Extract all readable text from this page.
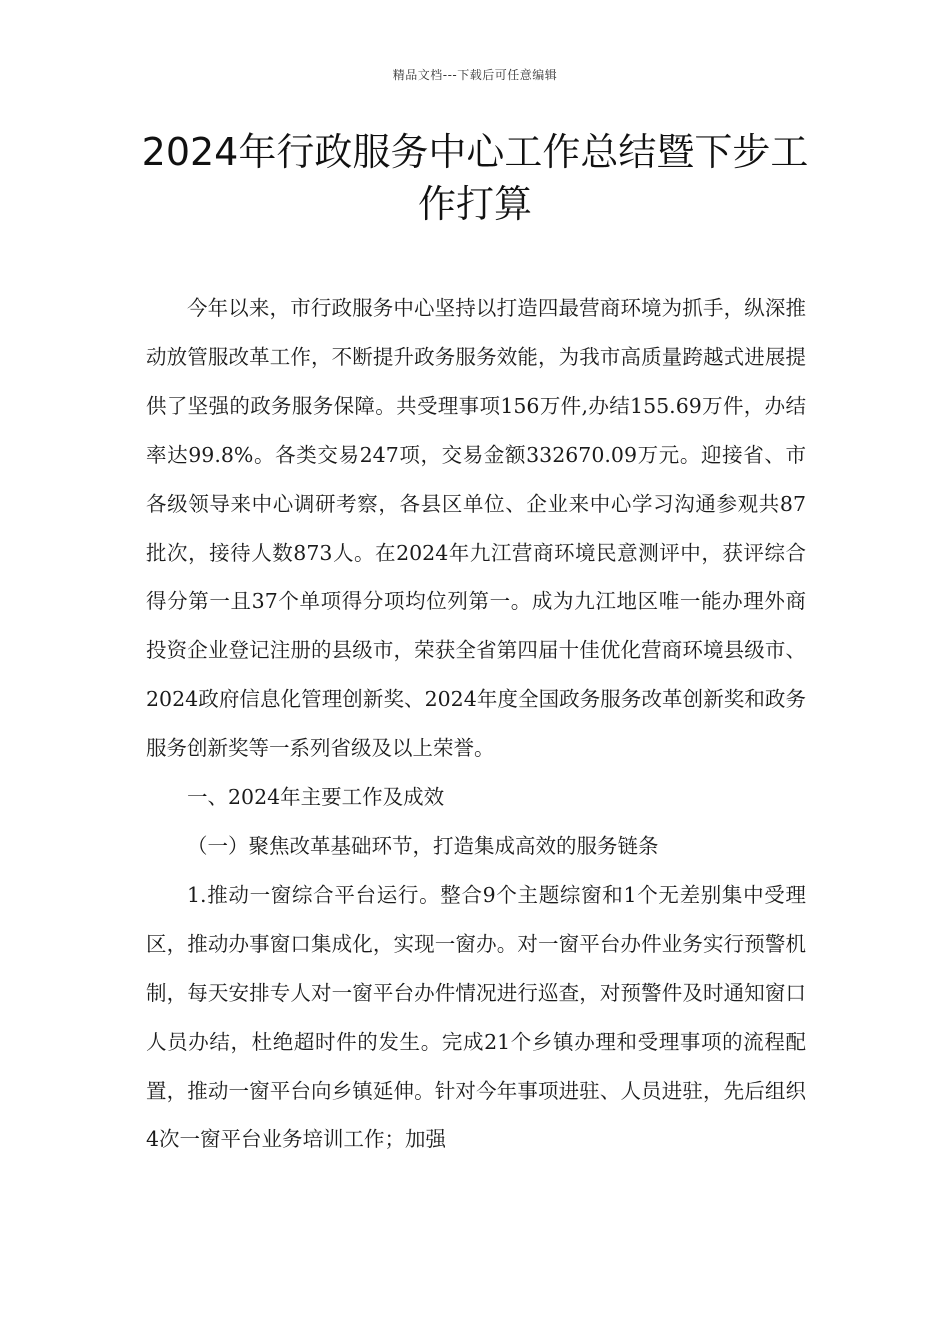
精品文档---下载后可任意编辑
2024年行政服务中心工作总结暨下步工作打算

今年以来，市行政服务中心坚持以打造四最营商环境为抓手，纵深推动放管服改革工作，不断提升政务服务效能，为我市高质量跨越式进展提供了坚强的政务服务保障。共受理事项156万件,办结155.69万件，办结率达99.8%。各类交易247项，交易金额332670.09万元。迎接省、市各级领导来中心调研考察，各县区单位、企业来中心学习沟通参观共87批次，接待人数873人。在2024年九江营商环境民意测评中，获评综合得分第一且37个单项得分项均位列第一。成为九江地区唯一能办理外商投资企业登记注册的县级市，荣获全省第四届十佳优化营商环境县级市、2024政府信息化管理创新奖、2024年度全国政务服务改革创新奖和政务服务创新奖等一系列省级及以上荣誉。

一、2024年主要工作及成效

（一）聚焦改革基础环节，打造集成高效的服务链条

1.推动一窗综合平台运行。整合9个主题综窗和1个无差别集中受理区，推动办事窗口集成化，实现一窗办。对一窗平台办件业务实行预警机制，每天安排专人对一窗平台办件情况进行巡查，对预警件及时通知窗口人员办结，杜绝超时件的发生。完成21个乡镇办理和受理事项的流程配置，推动一窗平台向乡镇延伸。针对今年事项进驻、人员进驻，先后组织4次一窗平台业务培训工作；加强
